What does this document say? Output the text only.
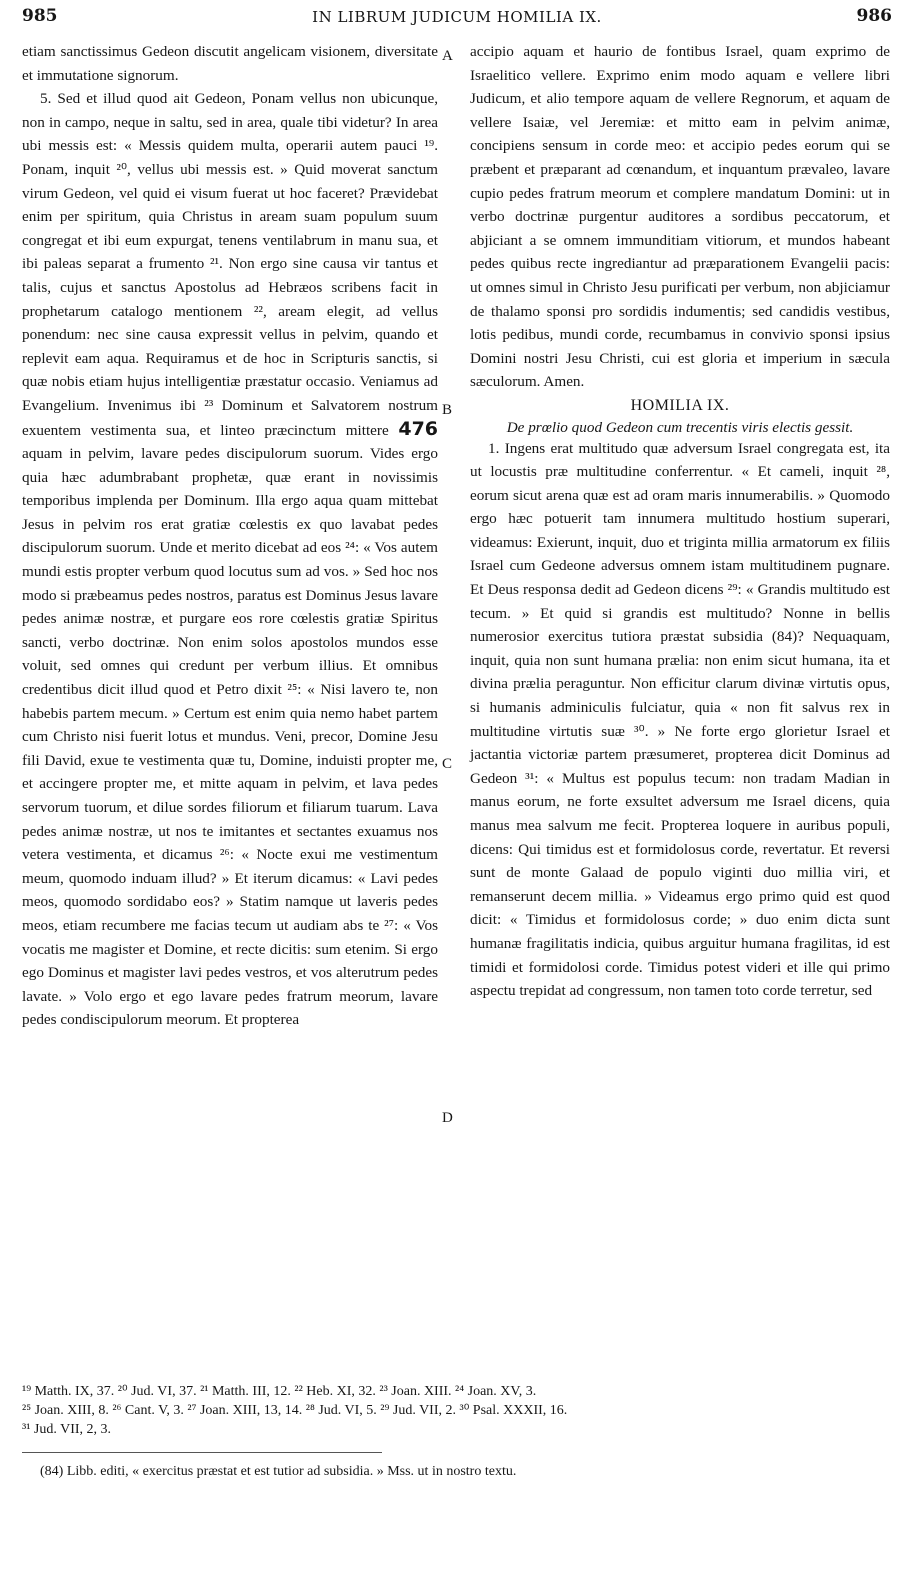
985	IN LIBRUM JUDICUM HOMILIA IX.	986

etiam sanctissimus Gedeon discutit angelicam visionem, diversitate et immutatione signorum.

5. Sed et illud quod ait Gedeon, Ponam vellus non ubicunque, non in campo, neque in saltu, sed in area, quale tibi videtur? In area ubi messis est: « Messis quidem multa, operarii autem pauci ¹⁹. Ponam, inquit ²⁰, vellus ubi messis est. » Quid moverat sanctum virum Gedeon, vel quid ei visum fuerat ut hoc faceret? Prævidebat enim per spiritum, quia Christus in aream suam populum suum congregat et ibi eum expurgat, tenens ventilabrum in manu sua, et ibi paleas separat a frumento ²¹. Non ergo sine causa vir tantus et talis, cujus et sanctus Apostolus ad Hebræos scribens facit in prophetarum catalogo mentionem ²², aream elegit, ad vellus ponendum: nec sine causa expressit vellus in pelvim, quando et replevit eam aqua. Requiramus et de hoc in Scripturis sanctis, si quæ nobis etiam hujus intelligentiæ præstatur occasio. Veniamus ad Evangelium. Invenimus ibi ²³ Dominum et Salvatorem nostrum exuentem vestimenta sua, et linteo præcinctum mittere 476 aquam in pelvim, lavare pedes discipulorum suorum. Vides ergo quia hæc adumbrabant prophetæ, quæ erant in novissimis temporibus implenda per Dominum. Illa ergo aqua quam mittebat Jesus in pelvim ros erat gratiæ cœlestis ex quo lavabat pedes discipulorum suorum. Unde et merito dicebat ad eos ²⁴: « Vos autem mundi estis propter verbum quod locutus sum ad vos. » Sed hoc nos modo si præbeamus pedes nostros, paratus est Dominus Jesus lavare pedes animæ nostræ, et purgare eos rore cœlestis gratiæ Spiritus sancti, verbo doctrinæ. Non enim solos apostolos mundos esse voluit, sed omnes qui credunt per verbum illius. Et omnibus credentibus dicit illud quod et Petro dixit ²⁵: « Nisi lavero te, non habebis partem mecum. » Certum est enim quia nemo habet partem cum Christo nisi fuerit lotus et mundus. Veni, precor, Domine Jesu fili David, exue te vestimenta quæ tu, Domine, induisti propter me, et accingere propter me, et mitte aquam in pelvim, et lava pedes servorum tuorum, et dilue sordes filiorum et filiarum tuarum. Lava pedes animæ nostræ, ut nos te imitantes et sectantes exuamus nos vetera vestimenta, et dicamus ²⁶: « Nocte exui me vestimentum meum, quomodo induam illud? » Et iterum dicamus: « Lavi pedes meos, quomodo sordidabo eos? » Statim namque ut laveris pedes meos, etiam recumbere me facias tecum ut audiam abs te ²⁷: « Vos vocatis me magister et Domine, et recte dicitis: sum etenim. Si ergo ego Dominus et magister lavi pedes vestros, et vos alterutrum pedes lavate. » Volo ergo et ego lavare pedes fratrum meorum, lavare pedes condiscipulorum meorum. Et propterea

A
B
C
D

accipio aquam et haurio de fontibus Israel, quam exprimo de Israelitico vellere. Exprimo enim modo aquam e vellere libri Judicum, et alio tempore aquam de vellere Regnorum, et aquam de vellere Isaiæ, vel Jeremiæ: et mitto eam in pelvim animæ, concipiens sensum in corde meo: et accipio pedes eorum qui se præbent et præparant ad cœnandum, et inquantum prævaleo, lavare cupio pedes fratrum meorum et complere mandatum Domini: ut in verbo doctrinæ purgentur auditores a sordibus peccatorum, et abjiciant a se omnem immunditiam vitiorum, et mundos habeant pedes quibus recte ingrediantur ad præparationem Evangelii pacis: ut omnes simul in Christo Jesu purificati per verbum, non abjiciamur de thalamo sponsi pro sordidis indumentis; sed candidis vestibus, lotis pedibus, mundi corde, recumbamus in convivio sponsi ipsius Domini nostri Jesu Christi, cui est gloria et imperium in sæcula sæculorum. Amen.

HOMILIA IX.

De prœlio quod Gedeon cum trecentis viris electis gessit.

1. Ingens erat multitudo quæ adversum Israel congregata est, ita ut locustis præ multitudine conferrentur. « Et cameli, inquit ²⁸, eorum sicut arena quæ est ad oram maris innumerabilis. » Quomodo ergo hæc potuerit tam innumera multitudo hostium superari, videamus: Exierunt, inquit, duo et triginta millia armatorum ex filiis Israel cum Gedeone adversus omnem istam multitudinem pugnare. Et Deus responsa dedit ad Gedeon dicens ²⁹: « Grandis multitudo est tecum. » Et quid si grandis est multitudo? Nonne in bellis numerosior exercitus tutiora præstat subsidia (84)? Nequaquam, inquit, quia non sunt humana prælia: non enim sicut humana, ita et divina prælia peraguntur. Non efficitur clarum divinæ virtutis opus, si humanis adminiculis fulciatur, quia « non fit salvus rex in multitudine virtutis suæ ³⁰. » Ne forte ergo glorietur Israel et jactantia victoriæ partem præsumeret, propterea dicit Dominus ad Gedeon ³¹: « Multus est populus tecum: non tradam Madian in manus eorum, ne forte exsultet adversum me Israel dicens, quia manus mea salvum me fecit. Propterea loquere in auribus populi, dicens: Qui timidus est et formidolosus corde, revertatur. Et reversi sunt de monte Galaad de populo viginti duo millia viri, et remanserunt decem millia. » Videamus ergo primo quid est quod dicit: « Timidus et formidolosus corde; » duo enim dicta sunt humanæ fragilitatis indicia, quibus arguitur humana fragilitas, id est timidi et formidolosi corde. Timidus potest videri et ille qui primo aspectu trepidat ad congressum, non tamen toto corde terretur, sed

¹⁹ Matth. IX, 37. ²⁰ Jud. VI, 37. ²¹ Matth. III, 12. ²² Heb. XI, 32. ²³ Joan. XIII. ²⁴ Joan. XV, 3.
²⁵ Joan. XIII, 8. ²⁶ Cant. V, 3. ²⁷ Joan. XIII, 13, 14. ²⁸ Jud. VI, 5. ²⁹ Jud. VII, 2. ³⁰ Psal. XXXII, 16.
³¹ Jud. VII, 2, 3.
(84) Libb. editi, « exercitus præstat et est tutior ad subsidia. » Mss. ut in nostro textu.
